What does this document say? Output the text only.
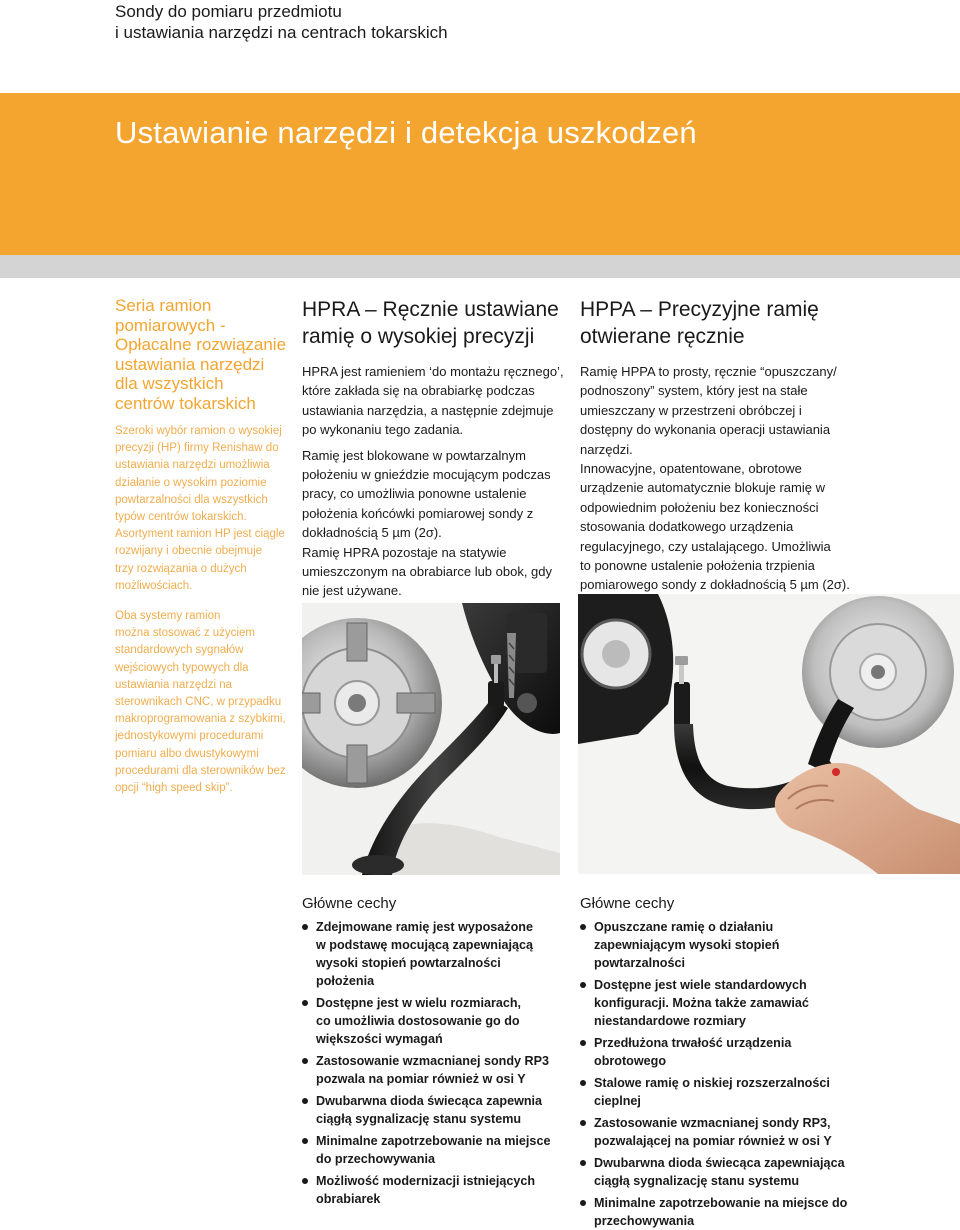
Sondy do pomiaru przedmiotu
i ustawiania narzędzi na centrach tokarskich
Ustawianie narzędzi i detekcja uszkodzeń
Seria ramion
pomiarowych -
Opłacalne rozwiązanie
ustawiania narzędzi
dla wszystkich
centrów tokarskich
Szeroki wybór ramion o wysokiej
precyzji (HP) firmy Renishaw do
ustawiania narzędzi umożliwia
działanie o wysokim poziomie
powtarzalności dla wszystkich
typów centrów tokarskich.
Asortyment ramion HP jest ciągle
rozwijany i obecnie obejmuje
trzy rozwiązania o dużych
możliwościach.
Oba systemy ramion
można stosować z użyciem
standardowych sygnałów
wejściowych typowych dla
ustawiania narzędzi na
sterownikach CNC, w przypadku
makroprogramowania z szybkimi,
jednostykowymi procedurami
pomiaru albo dwustykowymi
procedurami dla sterowników bez
opcji “high speed skip”.
HPRA – Ręcznie ustawiane
ramię o wysokiej precyzji

HPRA jest ramieniem ‘do montażu ręcznego’,
które zakłada się na obrabiarkę podczas
ustawiania narzędzia, a następnie zdejmuje
po wykonaniu tego zadania.

Ramię jest blokowane w powtarzalnym
położeniu w gnieździe mocującym podczas
pracy, co umożliwia ponowne ustalenie
położenia końcówki pomiarowej sondy z
dokładnością 5 µm (2σ).
Ramię HPRA pozostaje na statywie
umieszczonym na obrabiarce lub obok, gdy
nie jest używane.

HPPA – Precyzyjne ramię
otwierane ręcznie

Ramię HPPA to prosty, ręcznie “opuszczany/
podnoszony” system, który jest na stałe
umieszczany w przestrzeni obróbczej i
dostępny do wykonania operacji ustawiania
narzędzi.
Innowacyjne, opatentowane, obrotowe
urządzenie automatycznie blokuje ramię w
odpowiednim położeniu bez konieczności
stosowania dodatkowego urządzenia
regulacyjnego, czy ustalającego. Umożliwia
to ponowne ustalenie położenia trzpienia
pomiarowego sondy z dokładnością 5 µm (2σ).

Główne cechy
Zdejmowane ramię jest wyposażone
w podstawę mocującą zapewniającą
wysoki stopień powtarzalności
położenia
Dostępne jest w wielu rozmiarach,
co umożliwia dostosowanie go do
większości wymagań
Zastosowanie wzmacnianej sondy RP3
pozwala na pomiar również w osi Y
Dwubarwna dioda świecąca zapewnia
ciągłą sygnalizację stanu systemu
Minimalne zapotrzebowanie na miejsce
do przechowywania
Możliwość modernizacji istniejących
obrabiarek
Główne cechy
Opuszczane ramię o działaniu
zapewniającym wysoki stopień
powtarzalności
Dostępne jest wiele standardowych
konfiguracji. Można także zamawiać
niestandardowe rozmiary
Przedłużona trwałość urządzenia
obrotowego
Stalowe ramię o niskiej rozszerzalności
cieplnej
Zastosowanie wzmacnianej sondy RP3,
pozwalającej na pomiar również w osi Y
Dwubarwna dioda świecąca zapewniająca
ciągłą sygnalizację stanu systemu
Minimalne zapotrzebowanie na miejsce do
przechowywania
